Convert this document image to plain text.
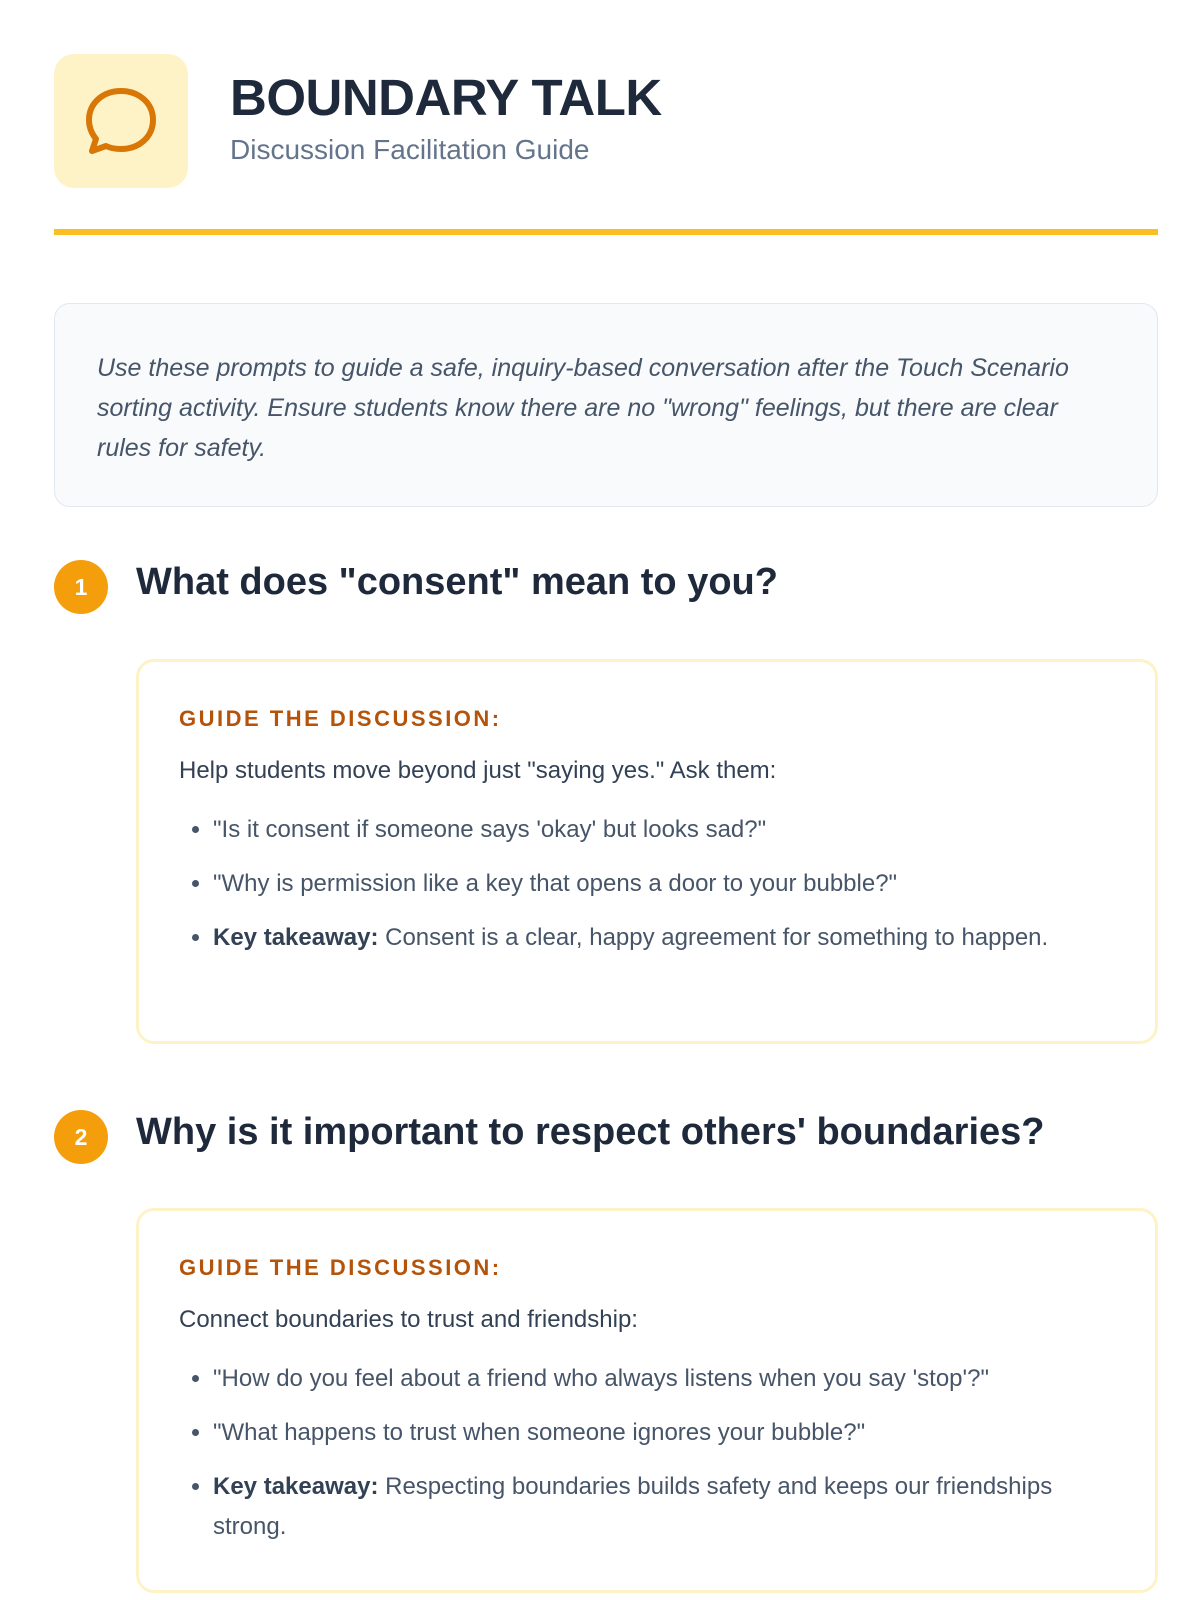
BOUNDARY TALK
Discussion Facilitation Guide
Use these prompts to guide a safe, inquiry-based conversation after the Touch Scenario sorting activity. Ensure students know there are no "wrong" feelings, but there are clear rules for safety.
1	What does "consent" mean to you?

GUIDE THE DISCUSSION:

Help students move beyond just "saying yes." Ask them:

• "Is it consent if someone says 'okay' but looks sad?"
• "Why is permission like a key that opens a door to your bubble?"
• Key takeaway: Consent is a clear, happy agreement for something to happen.
2	Why is it important to respect others' boundaries?

GUIDE THE DISCUSSION:

Connect boundaries to trust and friendship:

• "How do you feel about a friend who always listens when you say 'stop'?"
• "What happens to trust when someone ignores your bubble?"
• Key takeaway: Respecting boundaries builds safety and keeps our friendships strong.
